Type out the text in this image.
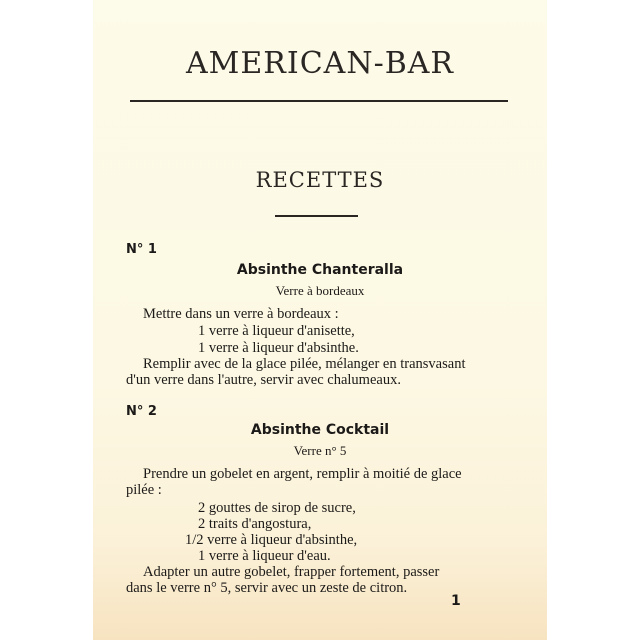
AMERICAN-BAR
RECETTES
N° 1
Absinthe Chanteralla
Verre à bordeaux
Mettre dans un verre à bordeaux :
1 verre à liqueur d'anisette,
1 verre à liqueur d'absinthe.
Remplir avec de la glace pilée, mélanger en transvasant
d'un verre dans l'autre, servir avec chalumeaux.
N° 2
Absinthe Cocktail
Verre n° 5
Prendre un gobelet en argent, remplir à moitié de glace
pilée :
2 gouttes de sirop de sucre,
2 traits d'angostura,
1/2 verre à liqueur d'absinthe,
1 verre à liqueur d'eau.
Adapter un autre gobelet, frapper fortement, passer
dans le verre n° 5, servir avec un zeste de citron.
1
